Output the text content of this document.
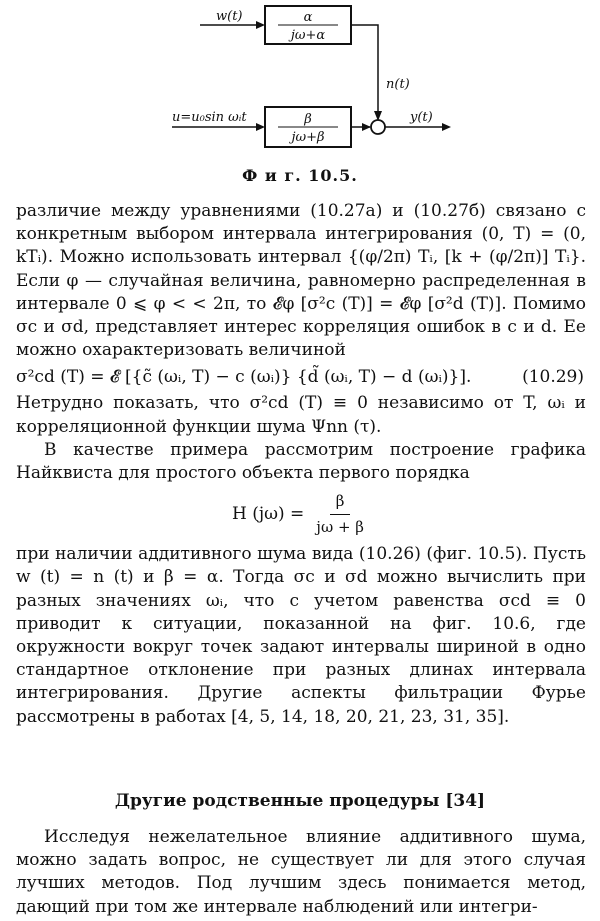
α
jω+α
w(t)
n(t)
β
jω+β
u=u₀sin ωᵢt	y(t)
Ф и г. 10.5.

различие между уравнениями (10.27а) и (10.27б) связано с конкретным выбором интервала интегрирования (0, T) = (0, kTᵢ). Можно использовать интервал {(φ/2π) Tᵢ, [k + (φ/2π)] Tᵢ}. Если φ — случайная величина, равномерно распределенная в интервале 0 ⩽ φ < < 2π, то 𝓔φ [σ²c (T)] = 𝓔φ [σ²d (T)]. Помимо σc и σd, представляет интерес корреляция ошибок в c и d. Ее можно охарактеризовать величиной

σ²cd (T) = 𝓔 [{c̃ (ωᵢ, T) − c (ωᵢ)} {d̃ (ωᵢ, T) − d (ωᵢ)}].	(10.29)

Нетрудно показать, что σ²cd (T) ≡ 0 независимо от T, ωᵢ и корреляционной функции шума Ψnn (τ).

В качестве примера рассмотрим построение графика Найквиста для простого объекта первого порядка

H $(j\omega) = \frac{\beta}{j\omega + \beta}$

при наличии аддитивного шума вида (10.26) (фиг. 10.5). Пусть w (t) = n (t) и β = α. Тогда σc и σd можно вычислить при разных значениях ωᵢ, что с учетом равенства σcd ≡ 0 приводит к ситуации, показанной на фиг. 10.6, где окружности вокруг точек задают интервалы шириной в одно стандартное отклонение при разных длинах интервала интегрирования. Другие аспекты фильтрации Фурье рассмотрены в работах [4, 5, 14, 18, 20, 21, 23, 31, 35].

Другие родственные процедуры [34]

Исследуя нежелательное влияние аддитивного шума, можно задать вопрос, не существует ли для этого случая лучших методов. Под лучшим здесь понимается метод, дающий при том же интервале наблюдений или интегри-
